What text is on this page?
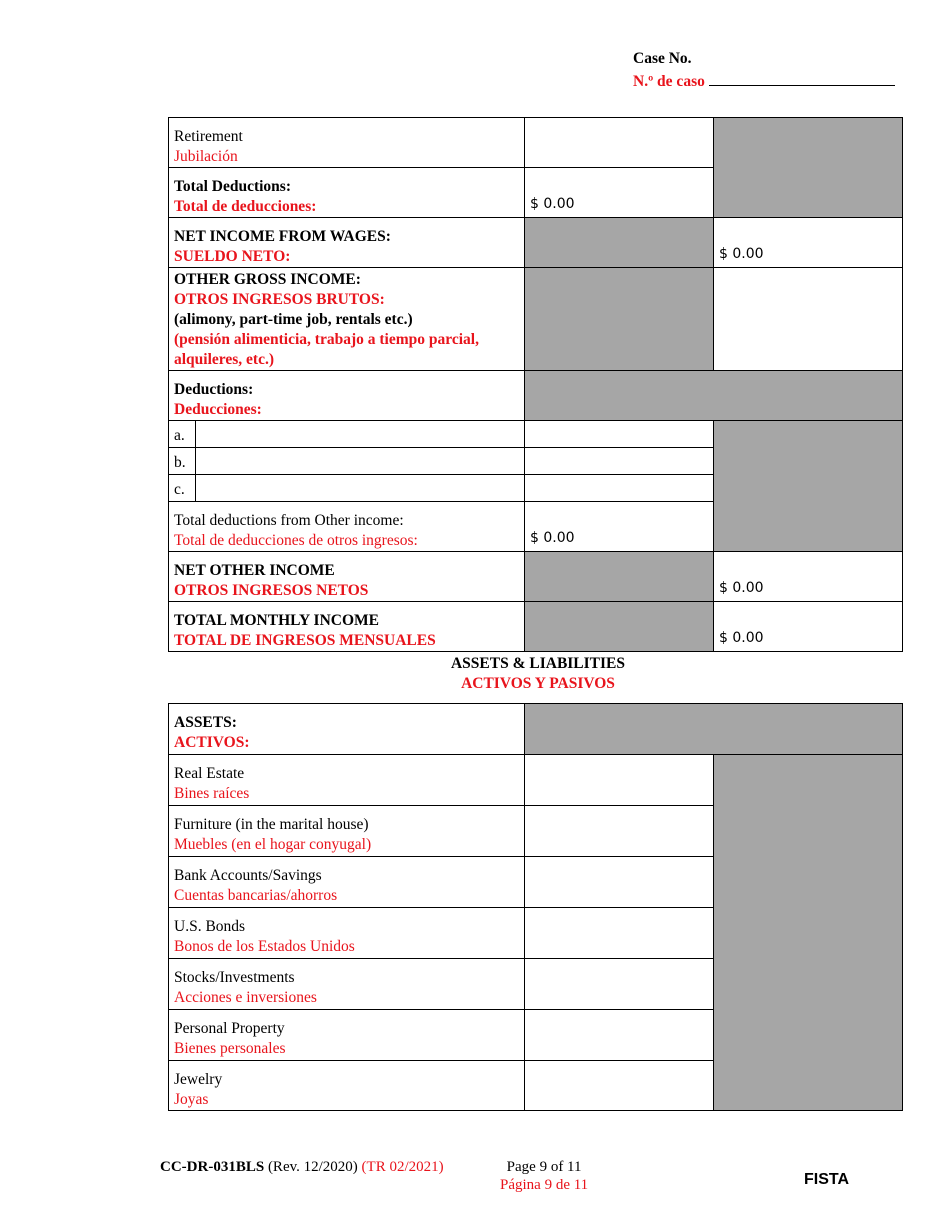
Case No.
N.º de caso
Retirement
Jubilación			

Total Deductions:
Total de deducciones:		$ 0.00	

NET INCOME FROM WAGES:
SUELDO NETO:			$ 0.00

OTHER GROSS INCOME:
OTROS INGRESOS BRUTOS:
(alimony, part-time job, rentals etc.)
(pensión alimenticia, trabajo a tiempo parcial, alquileres, etc.)			

Deductions:
Deducciones:			

a.			
b.			
c.			

Total deductions from Other income:
Total de deducciones de otros ingresos:		$ 0.00	

NET OTHER INCOME
OTROS INGRESOS NETOS			$ 0.00

TOTAL MONTHLY INCOME
TOTAL DE INGRESOS MENSUALES			$ 0.00
ASSETS & LIABILITIES
ACTIVOS Y PASIVOS
ASSETS:
ACTIVOS:		

Real Estate
Bines raíces		

Furniture (in the marital house)
Muebles (en el hogar conyugal)		

Bank Accounts/Savings
Cuentas bancarias/ahorros		

U.S. Bonds
Bonos de los Estados Unidos		

Stocks/Investments
Acciones e inversiones		

Personal Property
Bienes personales		

Jewelry
Joyas		

CC-DR-031BLS (Rev. 12/2020) (TR 02/2021)	Page 9 of 11
Página 9 de 11	FISTA
